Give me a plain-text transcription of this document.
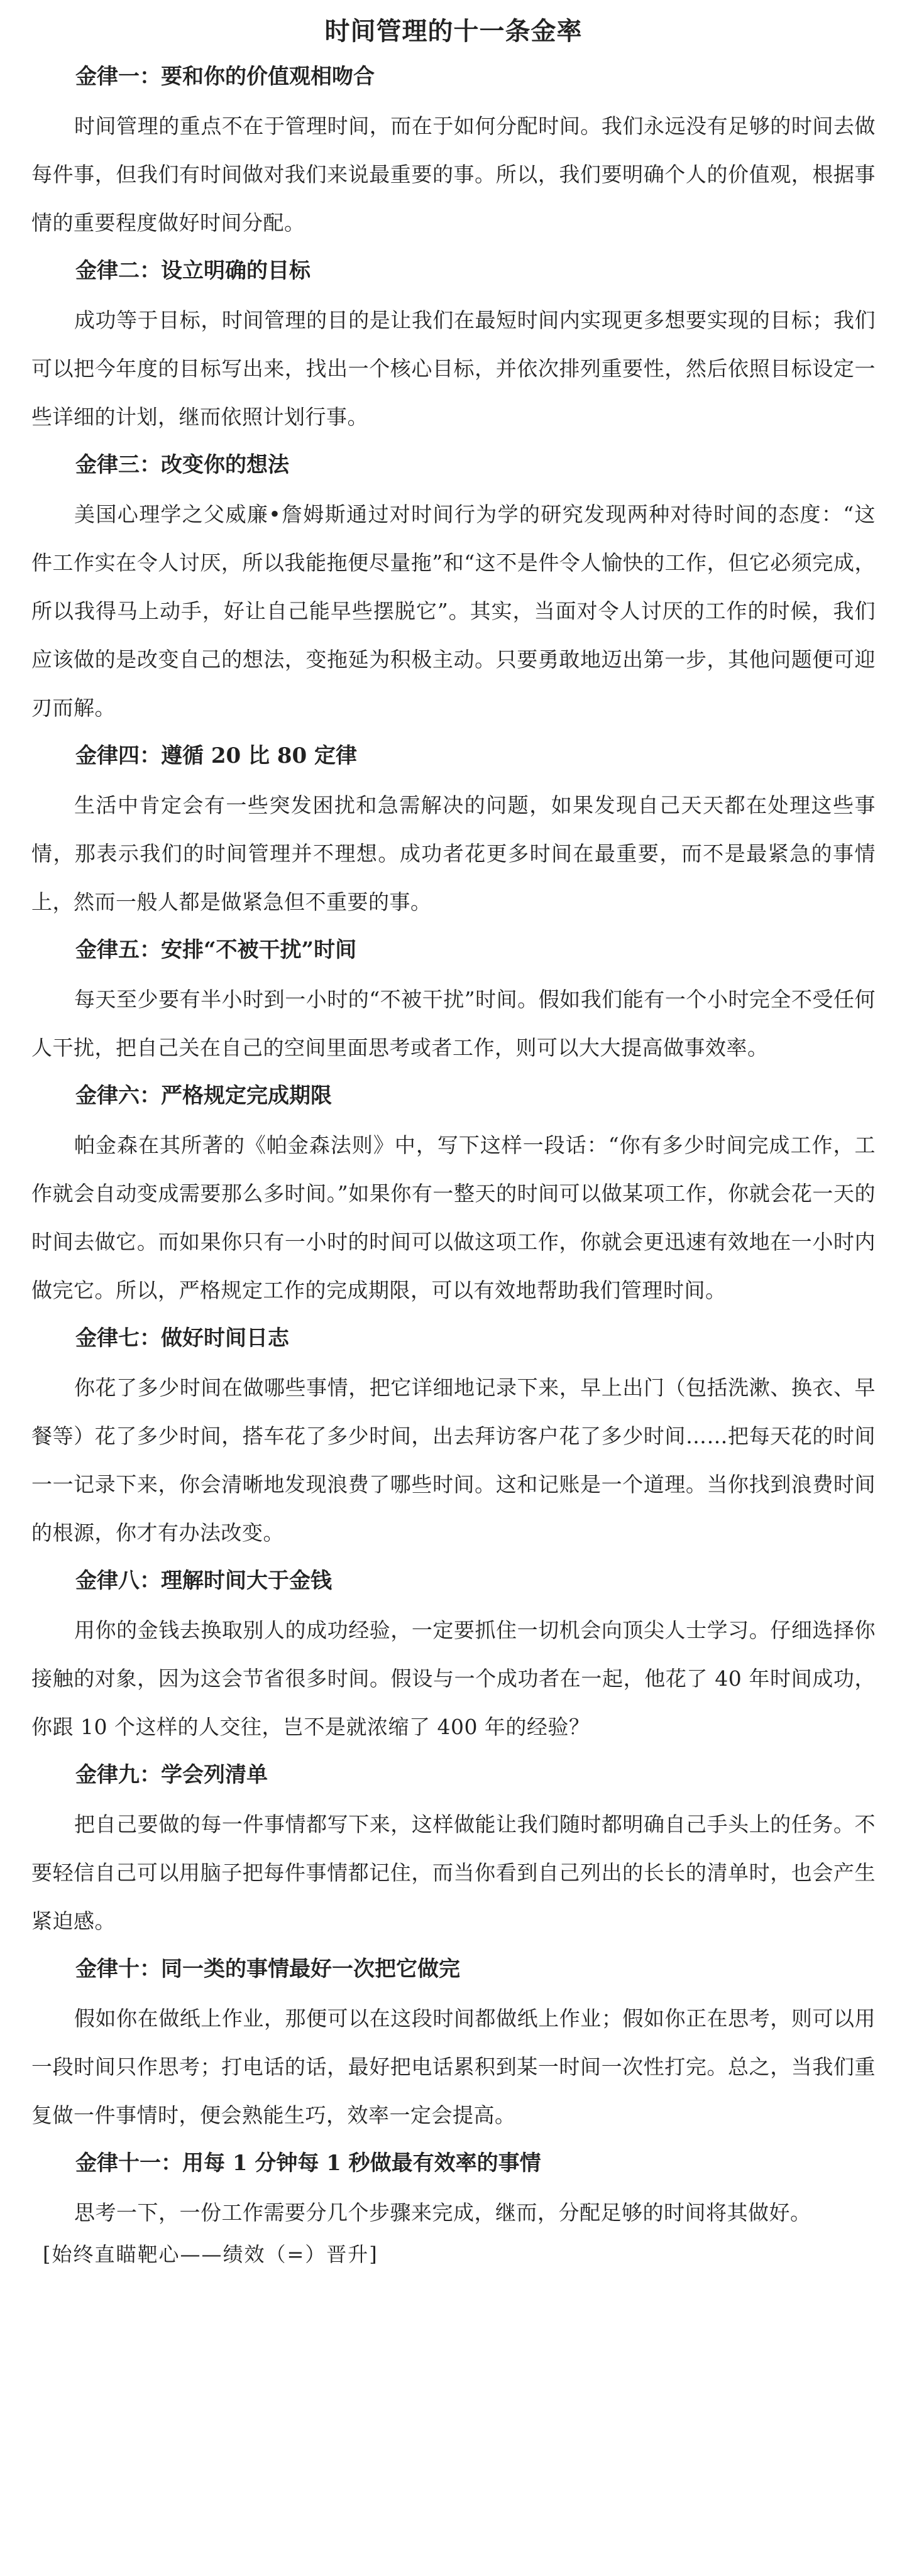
时间管理的十一条金率
金律一：要和你的价值观相吻合

时间管理的重点不在于管理时间，而在于如何分配时间。我们永远没有足够的时间去做每件事，但我们有时间做对我们来说最重要的事。所以，我们要明确个人的价值观，根据事情的重要程度做好时间分配。

金律二：设立明确的目标

成功等于目标，时间管理的目的是让我们在最短时间内实现更多想要实现的目标；我们可以把今年度的目标写出来，找出一个核心目标，并依次排列重要性，然后依照目标设定一些详细的计划，继而依照计划行事。

金律三：改变你的想法

美国心理学之父威廉•詹姆斯通过对时间行为学的研究发现两种对待时间的态度：“这件工作实在令人讨厌，所以我能拖便尽量拖”和“这不是件令人愉快的工作，但它必须完成，所以我得马上动手，好让自己能早些摆脱它”。其实，当面对令人讨厌的工作的时候，我们应该做的是改变自己的想法，变拖延为积极主动。只要勇敢地迈出第一步，其他问题便可迎刃而解。

金律四：遵循 20 比 80 定律

生活中肯定会有一些突发困扰和急需解决的问题，如果发现自己天天都在处理这些事情，那表示我们的时间管理并不理想。成功者花更多时间在最重要，而不是最紧急的事情上，然而一般人都是做紧急但不重要的事。

金律五：安排“不被干扰”时间

每天至少要有半小时到一小时的“不被干扰”时间。假如我们能有一个小时完全不受任何人干扰，把自己关在自己的空间里面思考或者工作，则可以大大提高做事效率。

金律六：严格规定完成期限

帕金森在其所著的《帕金森法则》中，写下这样一段话：“你有多少时间完成工作，工作就会自动变成需要那么多时间。”如果你有一整天的时间可以做某项工作，你就会花一天的时间去做它。而如果你只有一小时的时间可以做这项工作，你就会更迅速有效地在一小时内做完它。所以，严格规定工作的完成期限，可以有效地帮助我们管理时间。

金律七：做好时间日志

你花了多少时间在做哪些事情，把它详细地记录下来，早上出门（包括洗漱、换衣、早餐等）花了多少时间，搭车花了多少时间，出去拜访客户花了多少时间……把每天花的时间一一记录下来，你会清晰地发现浪费了哪些时间。这和记账是一个道理。当你找到浪费时间的根源，你才有办法改变。

金律八：理解时间大于金钱

用你的金钱去换取别人的成功经验，一定要抓住一切机会向顶尖人士学习。仔细选择你接触的对象，因为这会节省很多时间。假设与一个成功者在一起，他花了 40 年时间成功，你跟 10 个这样的人交往，岂不是就浓缩了 400 年的经验？

金律九：学会列清单

把自己要做的每一件事情都写下来，这样做能让我们随时都明确自己手头上的任务。不要轻信自己可以用脑子把每件事情都记住，而当你看到自己列出的长长的清单时，也会产生紧迫感。

金律十：同一类的事情最好一次把它做完

假如你在做纸上作业，那便可以在这段时间都做纸上作业；假如你正在思考，则可以用一段时间只作思考；打电话的话，最好把电话累积到某一时间一次性打完。总之，当我们重复做一件事情时，便会熟能生巧，效率一定会提高。

金律十一：用每 1 分钟每 1 秒做最有效率的事情

思考一下，一份工作需要分几个步骤来完成，继而，分配足够的时间将其做好。

[始终直瞄靶心——绩效（=）晋升]
